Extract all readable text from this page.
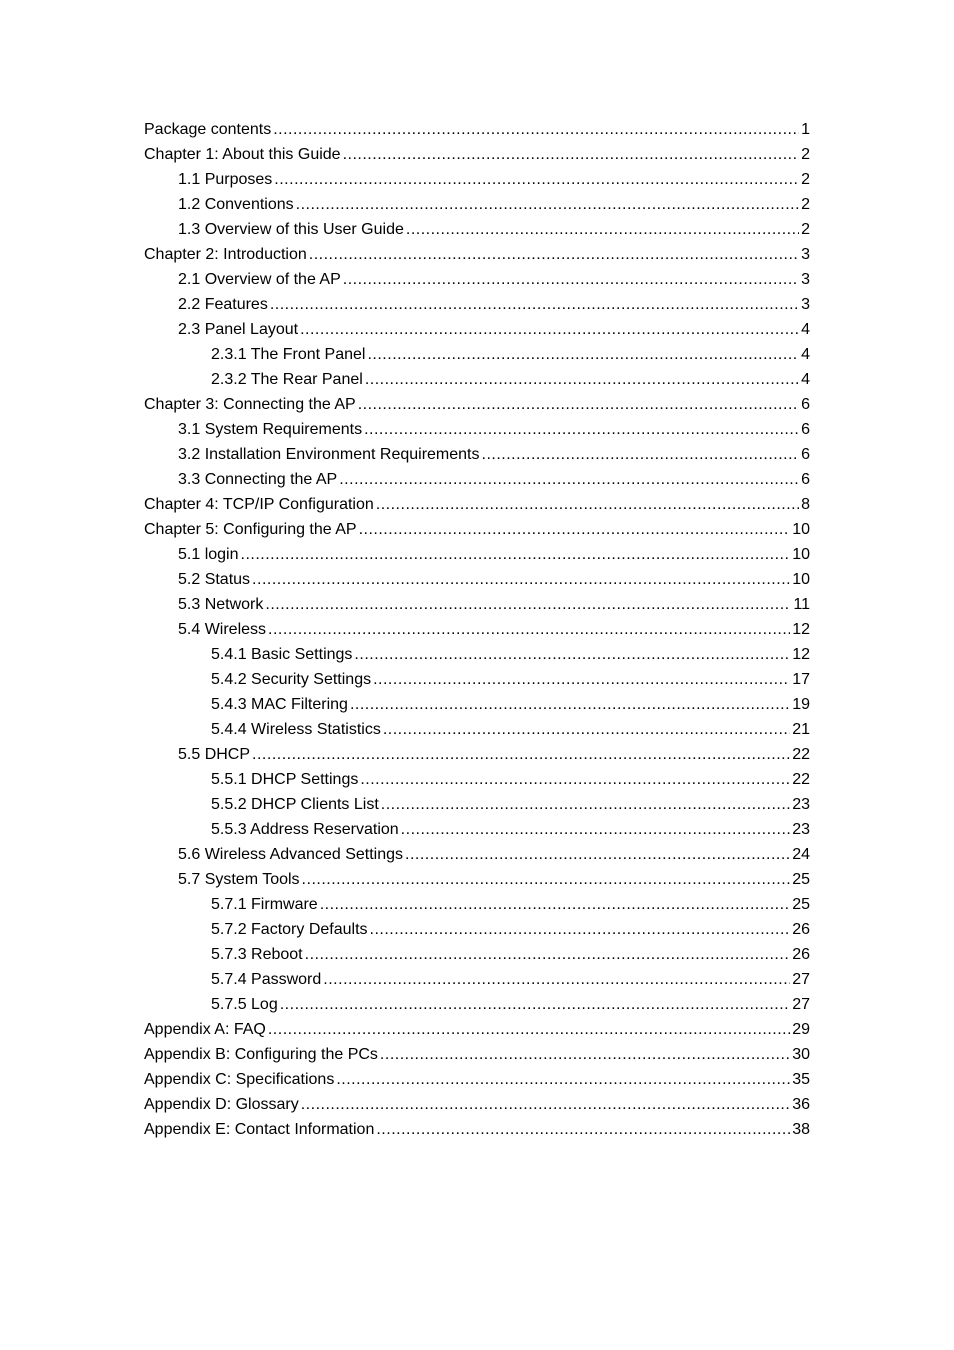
Package contents .....	1
Chapter 1: About this Guide .....	2
1.1 Purposes .....	2
1.2 Conventions .....	2
1.3 Overview of this User Guide .....	2
Chapter 2: Introduction .....	3
2.1 Overview of the AP .....	3
2.2 Features .....	3
2.3 Panel Layout .....	4
2.3.1 The Front Panel .....	4
2.3.2 The Rear Panel .....	4
Chapter 3: Connecting the AP .....	6
3.1 System Requirements .....	6
3.2 Installation Environment Requirements .....	6
3.3 Connecting the AP .....	6
Chapter 4: TCP/IP Configuration .....	8
Chapter 5: Configuring the AP .....	10
5.1 login .....	10
5.2 Status .....	10
5.3 Network .....	11
5.4 Wireless .....	12
5.4.1 Basic Settings .....	12
5.4.2 Security Settings .....	17
5.4.3 MAC Filtering .....	19
5.4.4 Wireless Statistics .....	21
5.5 DHCP .....	22
5.5.1 DHCP Settings .....	22
5.5.2 DHCP Clients List .....	23
5.5.3 Address Reservation .....	23
5.6 Wireless Advanced Settings .....	24
5.7 System Tools .....	25
5.7.1 Firmware .....	25
5.7.2 Factory Defaults .....	26
5.7.3 Reboot .....	26
5.7.4 Password .....	27
5.7.5 Log .....	27
Appendix A: FAQ .....	29
Appendix B: Configuring the PCs .....	30
Appendix C: Specifications .....	35
Appendix D: Glossary .....	36
Appendix E: Contact Information .....	38
